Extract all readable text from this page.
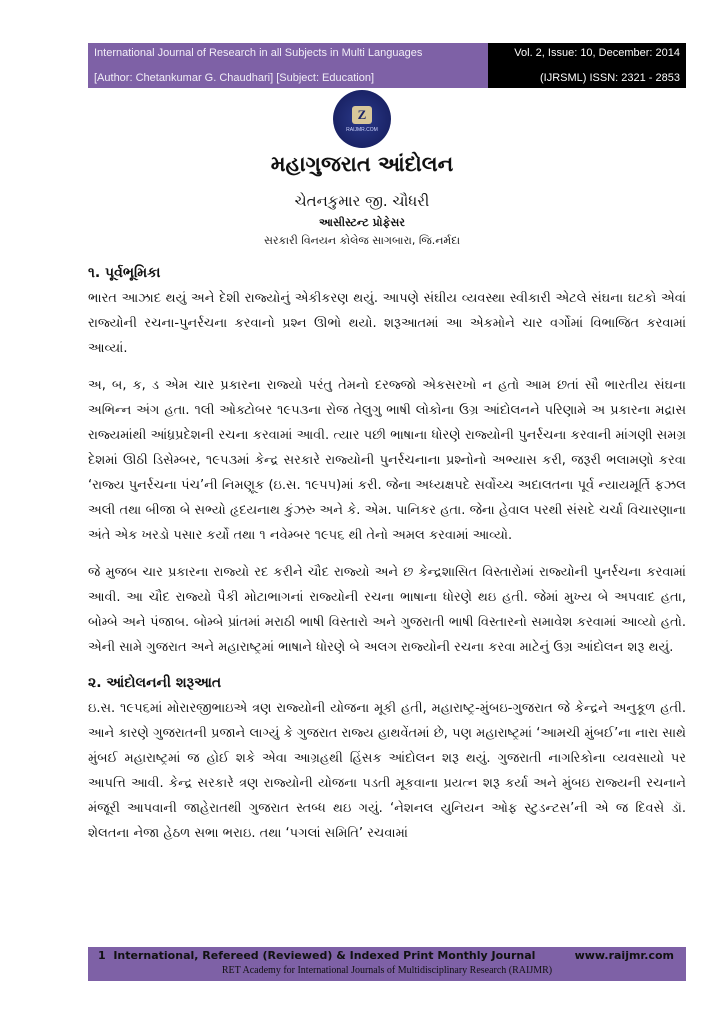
International Journal of Research in all Subjects in Multi Languages
[Author: Chetankumar G. Chaudhari] [Subject: Education]
Vol. 2, Issue: 10, December: 2014
(IJRSML) ISSN: 2321 - 2853
Z
RAIJMR.COM
મહાગુજરાત આંદોલન
ચેતનકુમાર જી. ચૌધરી
આસીસ્ટન્ટ પ્રોફેસર
સરકારી વિનયન કોલેજ સાગબારા, જિ.નર્મદા
૧. પૂર્વભૂમિકા

ભારત આઝાદ થયું અને દેશી રાજ્યોનું એકીકરણ થયું. આપણે સંઘીય વ્યવસ્થા સ્વીકારી એટલે સંઘના ઘટકો એવાં રાજ્યોની રચના-પુનર્રચના કરવાનો પ્રશ્ન ઊભો થયો. શરૂઆતમાં આ એકમોને ચાર વર્ગોમાં વિભાજિત કરવામાં આવ્યાં.

અ, બ, ક, ડ એમ ચાર પ્રકારના રાજ્યો પરંતુ તેમનો દરજ્જો એકસરખો ન હતો આમ છતાં સૌ ભારતીય સંઘના અભિન્ન અંગ હતા. ૧લી ઓક્ટોબર ૧૯૫૩ના રોજ તેલુગુ ભાષી લોકોના ઉગ્ર આંદોલનને પરિણામે અ પ્રકારના મદ્રાસ રાજ્યમાંથી આંધ્રપ્રદેશની રચના કરવામાં આવી. ત્યાર પછી ભાષાના ધોરણે રાજ્યોની પુનર્રચના કરવાની માંગણી સમગ્ર દેશમાં ઊઠી ડિસેમ્બર, ૧૯૫૩માં કેન્દ્ર સરકારે રાજ્યોની પુનર્રચનાના પ્રશ્નોનો અભ્યાસ કરી, જરૂરી ભલામણો કરવા ‘રાજ્ય પુનર્રચના પંચ’ની નિમણૂક (ઇ.સ. ૧૯૫૫)માં કરી. જેના અધ્યક્ષપદે સર્વોચ્ચ અદાલતના પૂર્વ ન્યાયમૂર્તિ ફઝલ અલી તથા બીજા બે સભ્યો હૃદયનાથ કુંઝરુ અને કે. એમ. પાનિકર હતા. જેના હેવાલ પરથી સંસદે ચર્ચા વિચારણાના અંતે એક ખરડો પસાર કર્યો તથા ૧ નવેમ્બર ૧૯૫૬ થી તેનો અમલ કરવામાં આવ્યો.

જે મુજબ ચાર પ્રકારના રાજ્યો રદ કરીને ચૌદ રાજ્યો અને છ કેન્દ્રશાસિત વિસ્તારોમાં રાજ્યોની પુનર્રચના કરવામાં આવી. આ ચૌદ રાજ્યો પૈકી મોટાભાગનાં રાજ્યોની રચના ભાષાના ધોરણે થઇ હતી. જેમાં મુખ્ય બે અપવાદ હતા, બોમ્બે અને પંજાબ. બોમ્બે પ્રાંતમાં મરાઠી ભાષી વિસ્તારો અને ગુજરાતી ભાષી વિસ્તારનો સમાવેશ કરવામાં આવ્યો હતો. એની સામે ગુજરાત અને મહારાષ્ટ્રમાં ભાષાને ધોરણે બે અલગ રાજ્યોની રચના કરવા માટેનું ઉગ્ર આંદોલન શરૂ થયું.

૨. આંદોલનની શરૂઆત

ઇ.સ. ૧૯૫૬માં મોરારજીભાઇએ ત્રણ રાજ્યોની યોજના મૂકી હતી, મહારાષ્ટ્ર-મુંબઇ-ગુજરાત જે કેન્દ્રને અનુકૂળ હતી. આને કારણે ગુજરાતની પ્રજાને લાગ્યું કે ગુજરાત રાજ્ય હાથવેંતમાં છે, પણ મહારાષ્ટ્રમાં ‘આમચી મુંબઈ’ના નારા સાથે મુંબઈ મહારાષ્ટ્રમાં જ હોઈ શકે એવા આગ્રહથી હિંસક આંદોલન શરૂ થયું. ગુજરાતી નાગરિકોના વ્યવસાયો પર આપત્તિ આવી. કેન્દ્ર સરકારે ત્રણ રાજ્યોની યોજના પડતી મૂકવાના પ્રયત્ન શરૂ કર્યા અને મુંબઇ રાજ્યની રચનાને મંજૂરી આપવાની જાહેરાતથી ગુજરાત સ્તબ્ધ થઇ ગયું. ‘નેશનલ યુનિયન ઓફ સ્ટુડન્ટસ’ની એ જ દિવસે ડૉ. શેલતના નેજા હેઠળ સભા ભરાઇ. તથા ‘પગલાં સમિતિ’ રચવામાં

1 International, Refereed (Reviewed) & Indexed Print Monthly Journal	www.raijmr.com
RET Academy for International Journals of Multidisciplinary Research (RAIJMR)
